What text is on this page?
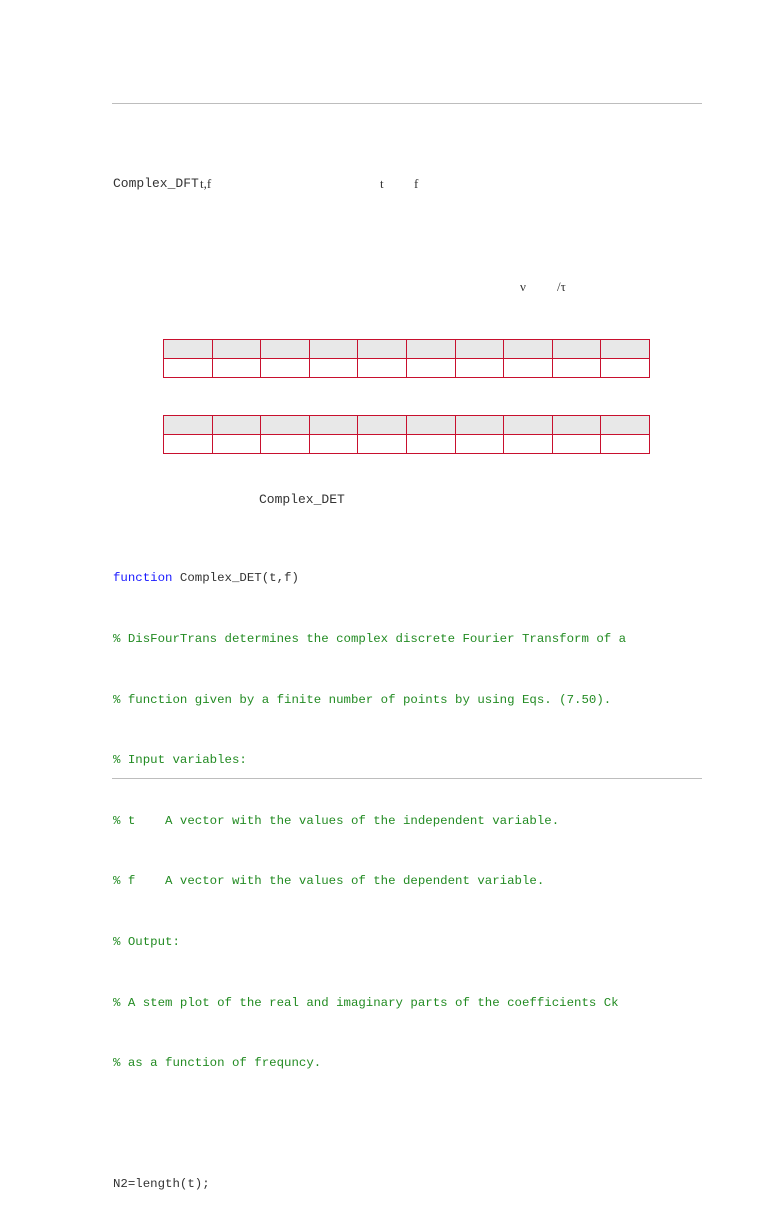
Complex_DFT t,f	t f
ν /τ

Complex_DET

function Complex_DET(t,f)

% DisFourTrans determines the complex discrete Fourier Transform of a

% function given by a finite number of points by using Eqs. (7.50).

% Input variables:

% t    A vector with the values of the independent variable.

% f    A vector with the values of the dependent variable.

% Output:

% A stem plot of the real and imaginary parts of the coefficients Ck

% as a function of frequncy.

N2=length(t);
